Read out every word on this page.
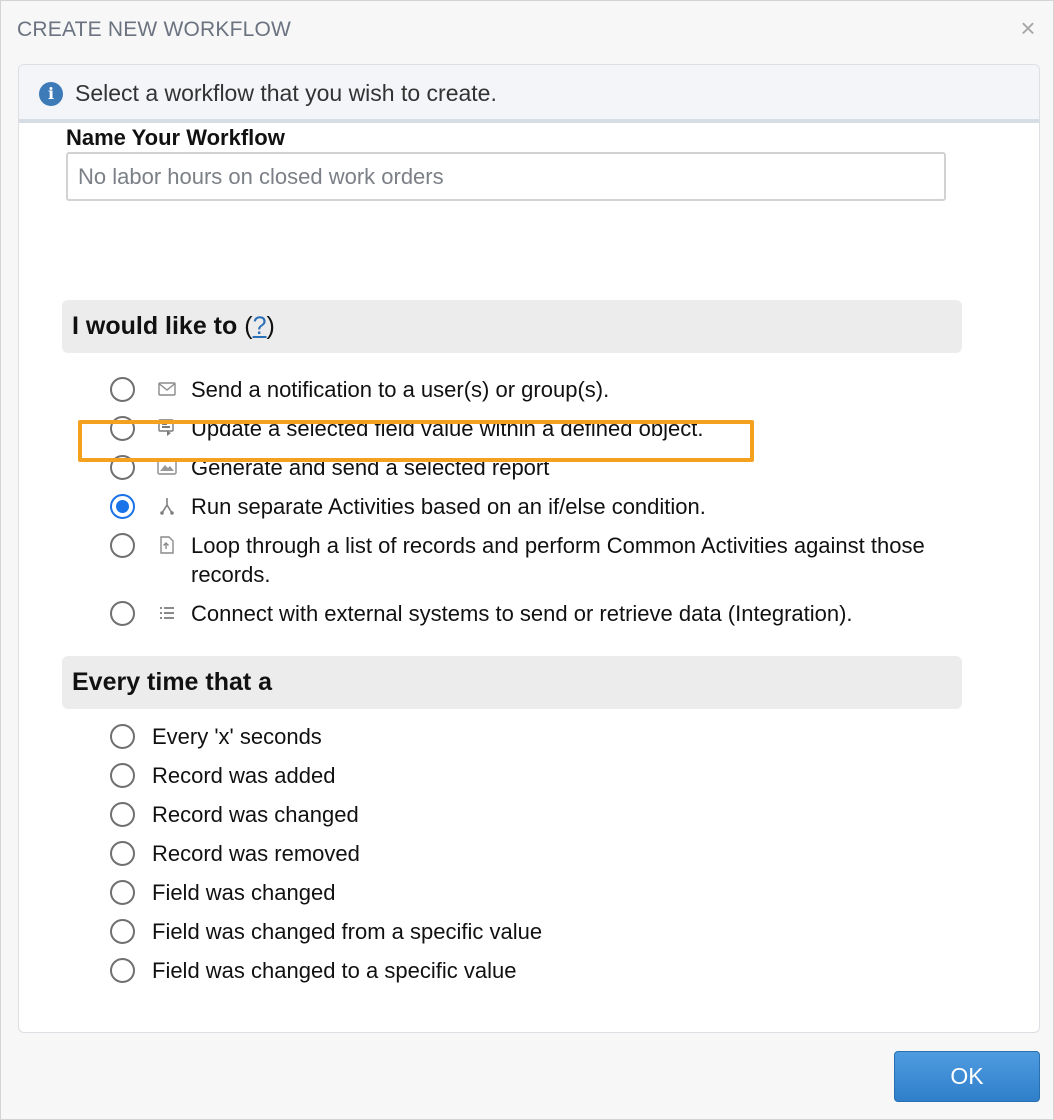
CREATE NEW WORKFLOW	×
i Select a workflow that you wish to create.
Name Your Workflow
No labor hours on closed work orders
I would like to (?)
Send a notification to a user(s) or group(s).
Update a selected field value within a defined object.
Generate and send a selected report
Run separate Activities based on an if/else condition.
Loop through a list of records and perform Common Activities against those records.
Connect with external systems to send or retrieve data (Integration).
Every time that a
Every 'x' seconds
Record was added
Record was changed
Record was removed
Field was changed
Field was changed from a specific value
Field was changed to a specific value
OK
